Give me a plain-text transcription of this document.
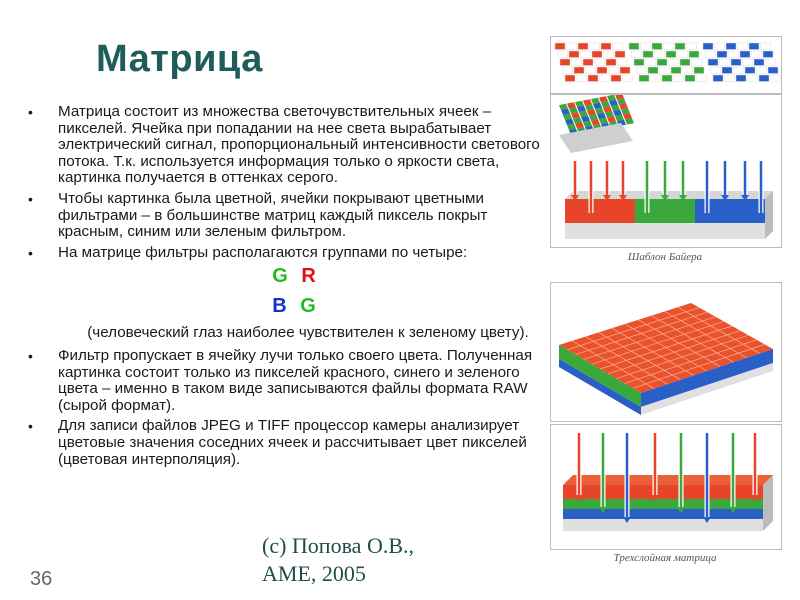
Матрица

• Матрица состоит из множества светочувствительных ячеек – пикселей. Ячейка при попадании на нее света вырабатывает электрический сигнал, пропорциональный интенсивности светового потока. Т.к. используется информация только о яркости света, картинка получается в оттенках серого.

• Чтобы картинка была цветной, ячейки покрывают цветными фильтрами – в большинстве матриц каждый пиксель покрыт красным, синим или зеленым фильтром.

• На матрице фильтры располагаются группами по четыре:

G R
B G

(человеческий глаз наиболее чувствителен к зеленому цвету).

• Фильтр пропускает в ячейку лучи только своего цвета. Полученная картинка состоит только из пикселей красного, синего и зеленого цвета – именно в таком виде записываются файлы формата RAW (сырой формат).

• Для записи файлов JPEG и TIFF процессор камеры анализирует цветовые значения соседних ячеек и рассчитывает цвет пикселей (цветовая интерполяция).

(c) Попова О.В.,
AME, 2005
36
Шаблон Байера
Трехслойная матрица
